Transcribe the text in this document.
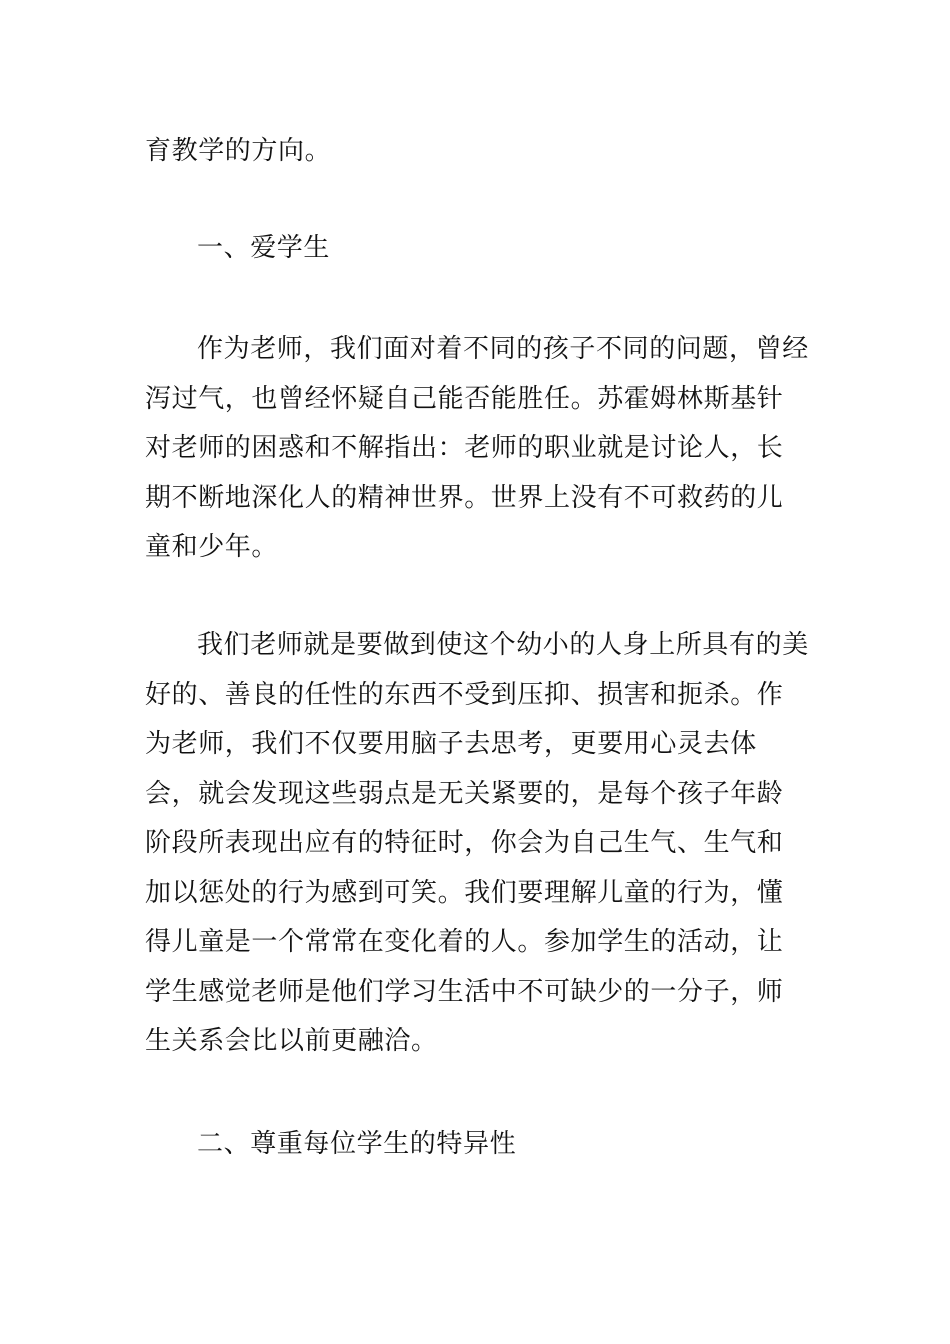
育教学的方向。

一、爱学生

作为老师，我们面对着不同的孩子不同的问题，曾经泻过气，也曾经怀疑自己能否能胜任。苏霍姆林斯基针对老师的困惑和不解指出：老师的职业就是讨论人，长期不断地深化人的精神世界。世界上没有不可救药的儿童和少年。

我们老师就是要做到使这个幼小的人身上所具有的美好的、善良的任性的东西不受到压抑、损害和扼杀。作为老师，我们不仅要用脑子去思考，更要用心灵去体会，就会发现这些弱点是无关紧要的，是每个孩子年龄阶段所表现出应有的特征时，你会为自己生气、生气和加以惩处的行为感到可笑。我们要理解儿童的行为，懂得儿童是一个常常在变化着的人。参加学生的活动，让学生感觉老师是他们学习生活中不可缺少的一分子，师生关系会比以前更融洽。

二、尊重每位学生的特异性
